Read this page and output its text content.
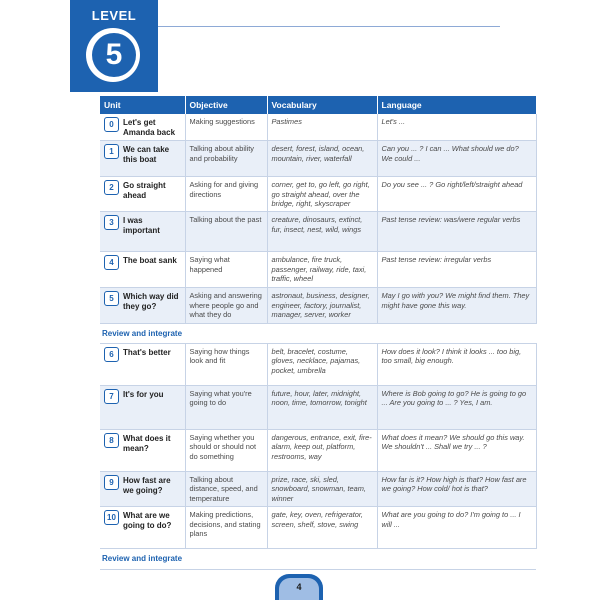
LEVEL
5
Unit	Objective	Vocabulary	Language

0 Let's get Amanda back	Making suggestions	Pastimes	Let's ...

1 We can take this boat	Talking about ability and probability	desert, forest, island, ocean, mountain, river, waterfall	Can you ... ? I can ... What should we do? We could ...

2 Go straight ahead	Asking for and giving directions	corner, get to, go left, go right, go straight ahead, over the bridge, right, skyscraper	Do you see ... ? Go right/left/straight ahead

3 I was important	Talking about the past	creature, dinosaurs, extinct, fur, insect, nest, wild, wings	Past tense review: was/were regular verbs

4 The boat sank	Saying what happened	ambulance, fire truck, passenger, railway, ride, taxi, traffic, wheel	Past tense review: irregular verbs

5 Which way did they go?	Asking and answering where people go and what they do	astronaut, business, designer, engineer, factory, journalist, manager, server, worker	May I go with you? We might find them. They might have gone this way.
Review and integrate			

6 That's better	Saying how things look and fit	belt, bracelet, costume, gloves, necklace, pajamas, pocket, umbrella	How does it look? I think it looks ... too big, too small, big enough.

7 It's for you	Saying what you're going to do	future, hour, later, midnight, noon, time, tomorrow, tonight	Where is Bob going to go? He is going to go ... Are you going to ... ? Yes, I am.

8 What does it mean?	Saying whether you should or should not do something	dangerous, entrance, exit, fire-alarm, keep out, platform, restrooms, way	What does it mean? We should go this way. We shouldn't ... Shall we try ... ?

9 How fast are we going?	Talking about distance, speed, and temperature	prize, race, ski, sled, snowboard, snowman, team, winner	How far is it? How high is that? How fast are we going? How cold/ hot is that?

10 What are we going to do?	Making predictions, decisions, and stating plans	gate, key, oven, refrigerator, screen, shelf, stove, swing	What are you going to do? I'm going to ... I will ...
Review and integrate			
4
